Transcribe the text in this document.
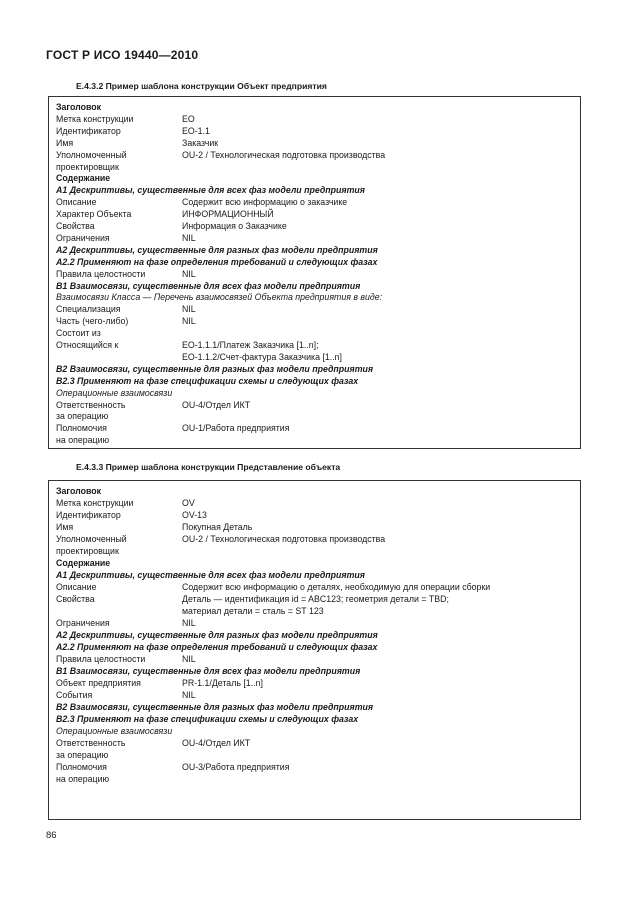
ГОСТ Р ИСО 19440—2010
Е.4.3.2 Пример шаблона конструкции Объект предприятия
Заголовок
Метка конструкции	EO
Идентификатор	EO-1.1
Имя	Заказчик
Уполномоченный	OU-2 / Технологическая подготовка производства
проектировщик
Содержание
А1 Дескриптивы, существенные для всех фаз модели предприятия
Описание	Содержит всю информацию о заказчике
Характер Объекта	ИНФОРМАЦИОННЫЙ
Свойства	Информация о Заказчике
Ограничения	NIL
А2 Дескриптивы, существенные для разных фаз модели предприятия
А2.2 Применяют на фазе определения требований и следующих фазах
Правила целостности	NIL
В1 Взаимосвязи, существенные для всех фаз модели предприятия
Взаимосвязи Класса — Перечень взаимосвязей Объекта предприятия в виде:
Специализация	NIL
Часть (чего-либо)	NIL
Состоит из
Относящийся к	EO-1.1.1/Платеж Заказчика [1..n];
EO-1.1.2/Счет-фактура Заказчика [1..n]
В2 Взаимосвязи, существенные для разных фаз модели предприятия
В2.3 Применяют на фазе спецификации схемы и следующих фазах
Операционные взаимосвязи
Ответственность	OU-4/Отдел ИКТ
за операцию
Полномочия	OU-1/Работа предприятия
на операцию
Е.4.3.3 Пример шаблона конструкции Представление объекта
Заголовок
Метка конструкции	OV
Идентификатор	OV-13
Имя	Покупная Деталь
Уполномоченный	OU-2 / Технологическая подготовка производства
проектировщик
Содержание
А1 Дескриптивы, существенные для всех фаз модели предприятия
Описание	Содержит всю информацию о деталях, необходимую для операции сборки
Свойства	Деталь — идентификация id = ABC123; геометрия детали = TBD;
материал детали = сталь = ST 123
Ограничения	NIL
А2 Дескриптивы, существенные для разных фаз модели предприятия
А2.2 Применяют на фазе определения требований и следующих фазах
Правила целостности	NIL
В1 Взаимосвязи, существенные для всех фаз модели предприятия
Объект предприятия	PR-1.1/Деталь [1..n]
События	NIL
В2 Взаимосвязи, существенные для разных фаз модели предприятия
В2.3 Применяют на фазе спецификации схемы и следующих фазах
Операционные взаимосвязи
Ответственность	OU-4/Отдел ИКТ
за операцию
Полномочия	OU-3/Работа предприятия
на операцию
86
